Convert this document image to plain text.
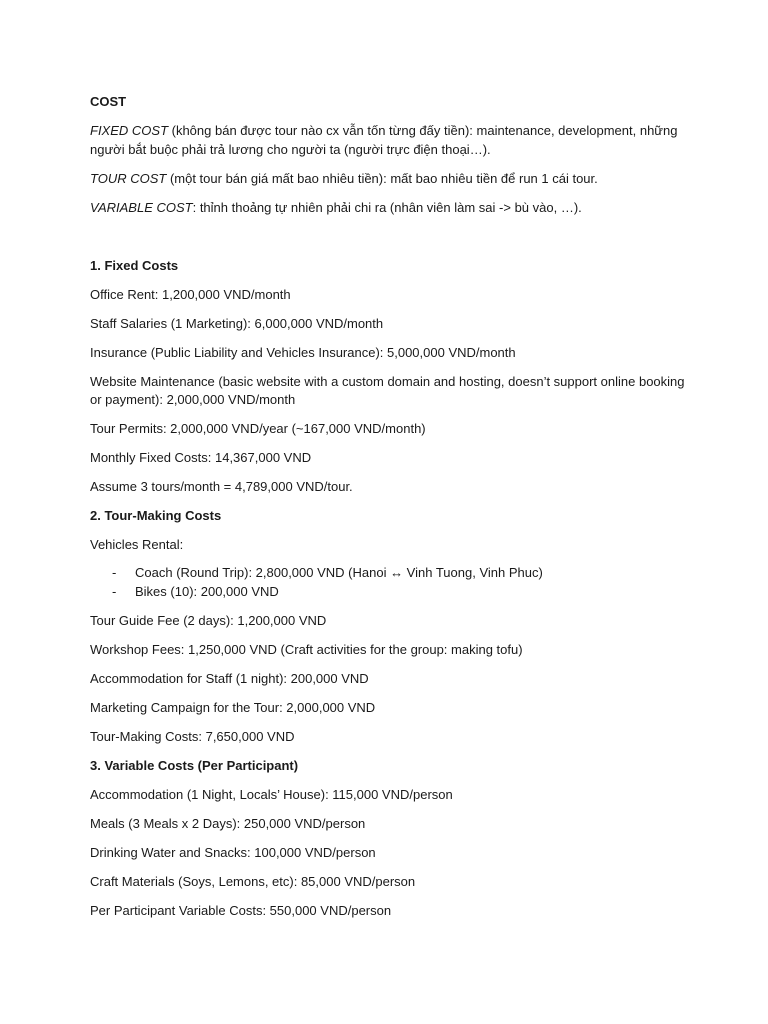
COST

FIXED COST (không bán được tour nào cx vẫn tốn từng đấy tiền): maintenance, development, những người bắt buộc phải trả lương cho người ta (người trực điện thoại…).

TOUR COST (một tour bán giá mất bao nhiêu tiền): mất bao nhiêu tiền để run 1 cái tour.

VARIABLE COST: thỉnh thoảng tự nhiên phải chi ra (nhân viên làm sai -> bù vào, …).

1. Fixed Costs

Office Rent: 1,200,000 VND/month

Staff Salaries (1 Marketing): 6,000,000 VND/month

Insurance (Public Liability and Vehicles Insurance): 5,000,000 VND/month

Website Maintenance (basic website with a custom domain and hosting, doesn’t support online booking or payment): 2,000,000 VND/month

Tour Permits: 2,000,000 VND/year (~167,000 VND/month)

Monthly Fixed Costs: 14,367,000 VND

Assume 3 tours/month = 4,789,000 VND/tour.

2. Tour-Making Costs

Vehicles Rental:

- Coach (Round Trip): 2,800,000 VND (Hanoi ↔ Vinh Tuong, Vinh Phuc)
- Bikes (10): 200,000 VND

Tour Guide Fee (2 days): 1,200,000 VND

Workshop Fees: 1,250,000 VND (Craft activities for the group: making tofu)

Accommodation for Staff (1 night): 200,000 VND

Marketing Campaign for the Tour: 2,000,000 VND

Tour-Making Costs: 7,650,000 VND

3. Variable Costs (Per Participant)

Accommodation (1 Night, Locals’ House): 115,000 VND/person

Meals (3 Meals x 2 Days): 250,000 VND/person

Drinking Water and Snacks: 100,000 VND/person

Craft Materials (Soys, Lemons, etc): 85,000 VND/person

Per Participant Variable Costs: 550,000 VND/person
